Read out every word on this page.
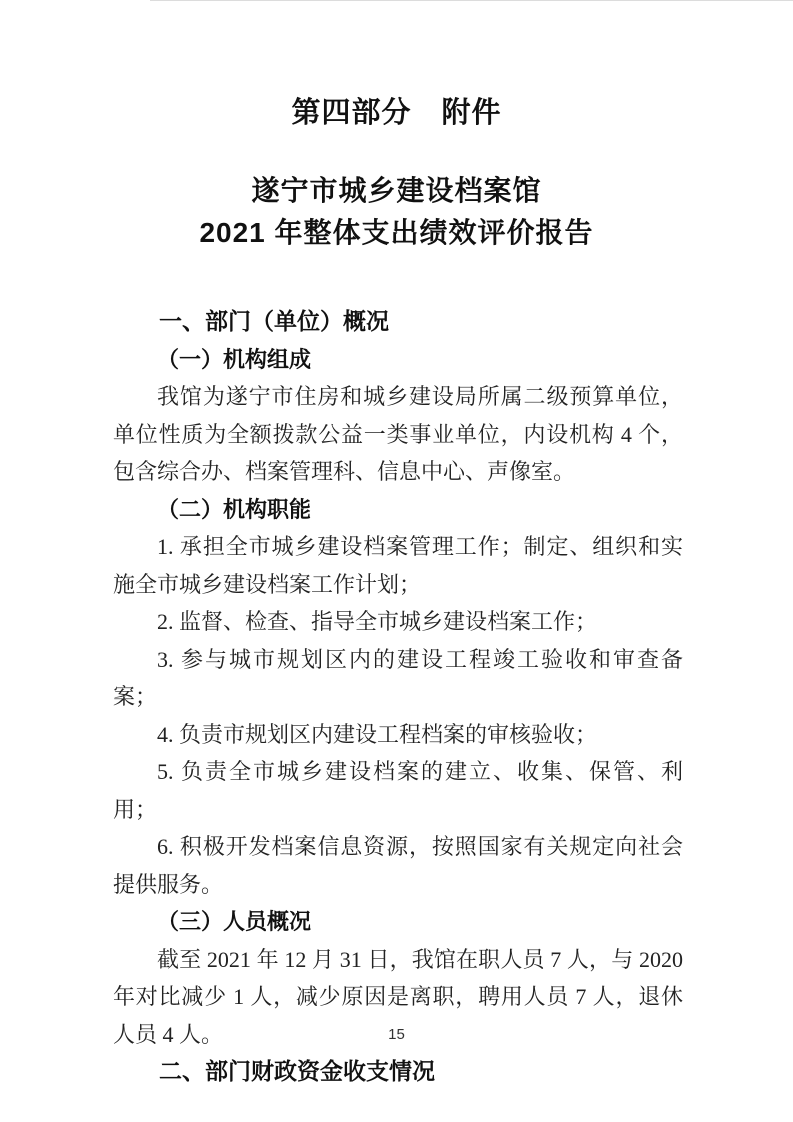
第四部分　附件
遂宁市城乡建设档案馆
2021 年整体支出绩效评价报告

一、部门（单位）概况

（一）机构组成

我馆为遂宁市住房和城乡建设局所属二级预算单位，单位性质为全额拨款公益一类事业单位，内设机构 4 个，包含综合办、档案管理科、信息中心、声像室。

（二）机构职能

1. 承担全市城乡建设档案管理工作；制定、组织和实施全市城乡建设档案工作计划；

2. 监督、检查、指导全市城乡建设档案工作；

3. 参与城市规划区内的建设工程竣工验收和审查备案；

4. 负责市规划区内建设工程档案的审核验收；

5. 负责全市城乡建设档案的建立、收集、保管、利用；

6. 积极开发档案信息资源，按照国家有关规定向社会提供服务。

（三）人员概况

截至 2021 年 12 月 31 日，我馆在职人员 7 人，与 2020 年对比减少 1 人，减少原因是离职，聘用人员 7 人，退休人员 4 人。

二、部门财政资金收支情况

15
